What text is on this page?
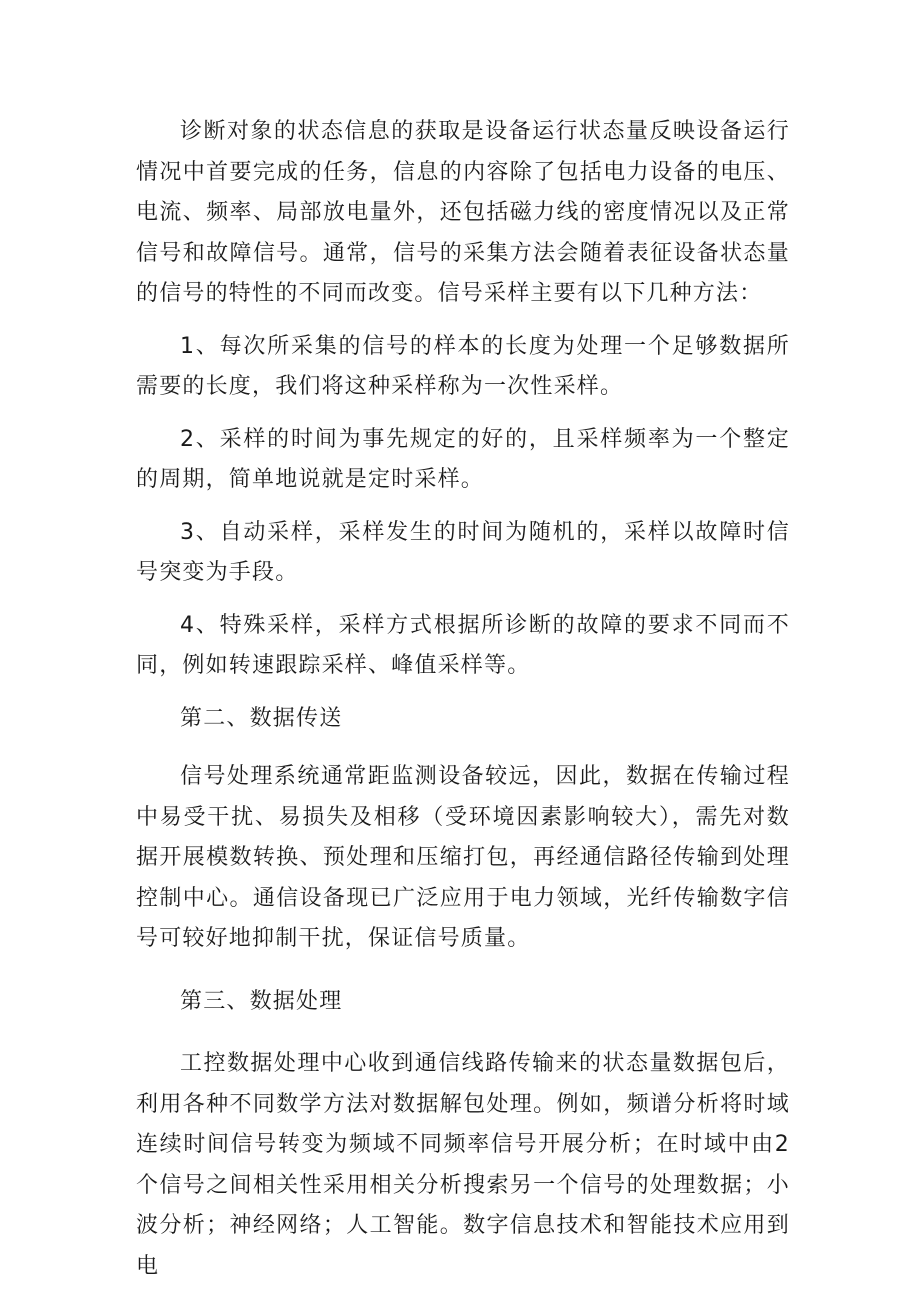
诊断对象的状态信息的获取是设备运行状态量反映设备运行情况中首要完成的任务，信息的内容除了包括电力设备的电压、电流、频率、局部放电量外，还包括磁力线的密度情况以及正常信号和故障信号。通常，信号的采集方法会随着表征设备状态量的信号的特性的不同而改变。信号采样主要有以下几种方法：

1、每次所采集的信号的样本的长度为处理一个足够数据所需要的长度，我们将这种采样称为一次性采样。

2、采样的时间为事先规定的好的，且采样频率为一个整定的周期，简单地说就是定时采样。

3、自动采样，采样发生的时间为随机的，采样以故障时信号突变为手段。

4、特殊采样，采样方式根据所诊断的故障的要求不同而不同，例如转速跟踪采样、峰值采样等。

第二、数据传送

信号处理系统通常距监测设备较远，因此，数据在传输过程中易受干扰、易损失及相移（受环境因素影响较大），需先对数据开展模数转换、预处理和压缩打包，再经通信路径传输到处理控制中心。通信设备现已广泛应用于电力领域，光纤传输数字信号可较好地抑制干扰，保证信号质量。

第三、数据处理

工控数据处理中心收到通信线路传输来的状态量数据包后，利用各种不同数学方法对数据解包处理。例如，频谱分析将时域连续时间信号转变为频域不同频率信号开展分析；在时域中由2个信号之间相关性采用相关分析搜索另一个信号的处理数据；小波分析；神经网络；人工智能。数字信息技术和智能技术应用到电
